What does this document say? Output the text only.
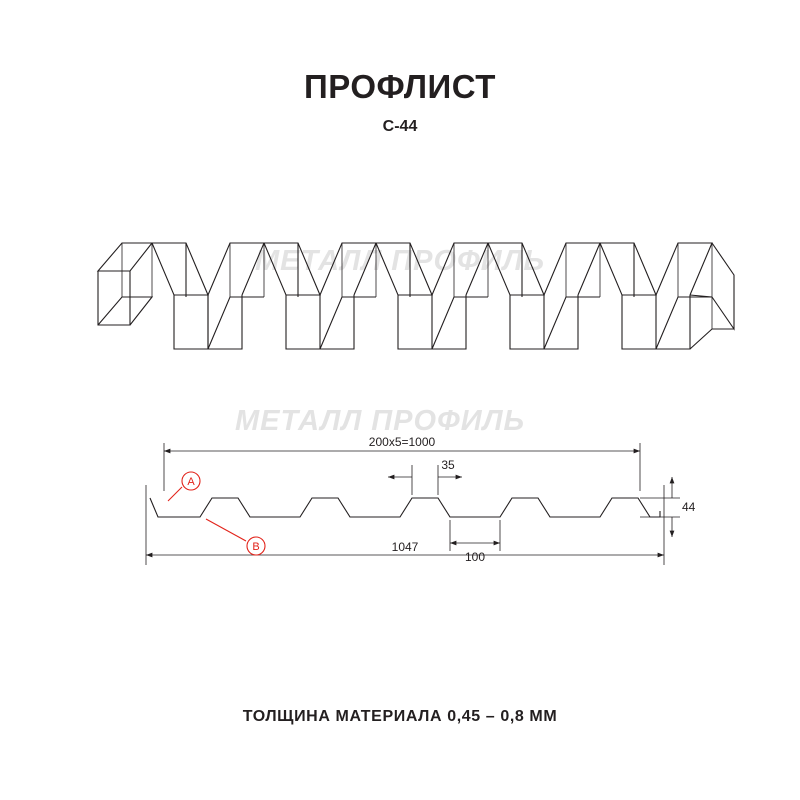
ПРОФЛИСТ
С-44
МЕТАЛЛ ПРОФИЛЬ
МЕТАЛЛ ПРОФИЛЬ
1047
200х5=1000
35
100
44
A
B
ТОЛЩИНА МАТЕРИАЛА 0,45 – 0,8 ММ
